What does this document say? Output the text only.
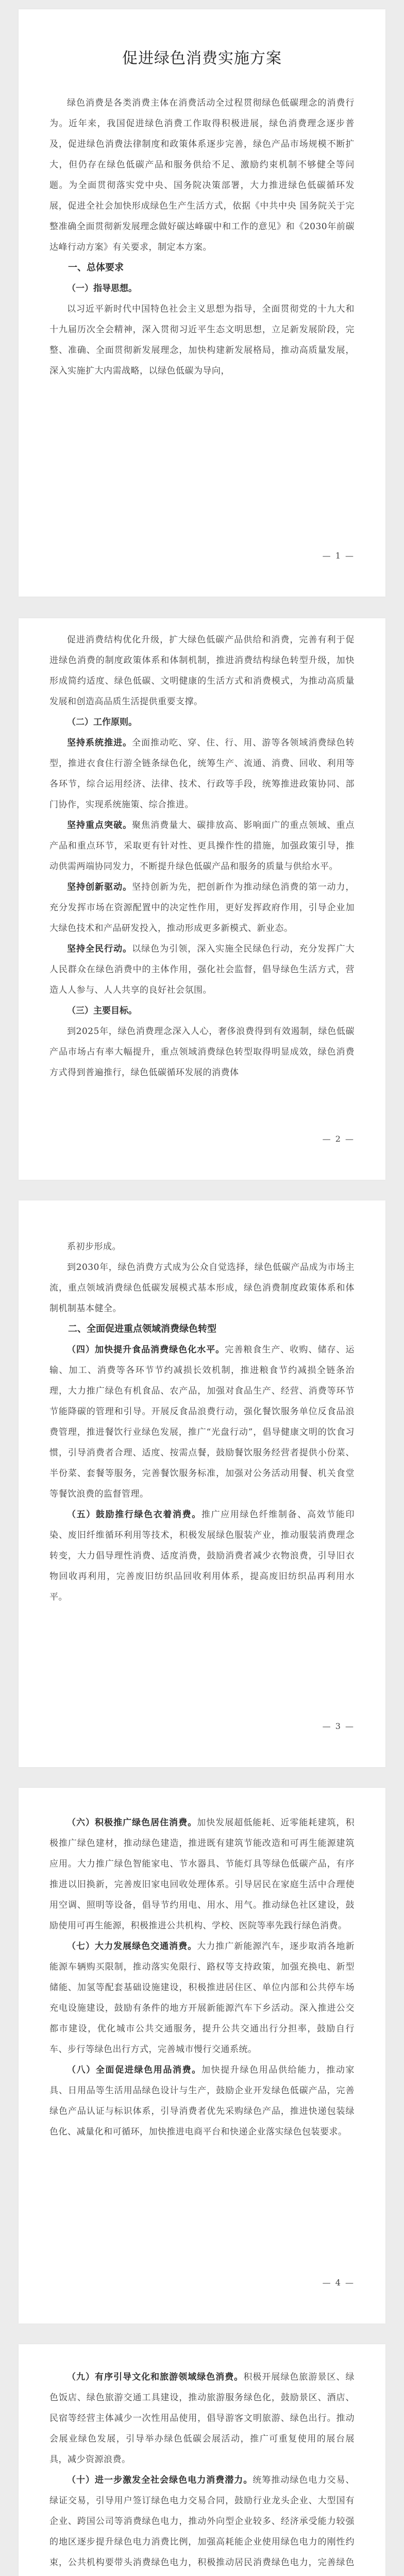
促进绿色消费实施方案

绿色消费是各类消费主体在消费活动全过程贯彻绿色低碳理念的消费行为。近年来，我国促进绿色消费工作取得积极进展，绿色消费理念逐步普及，促进绿色消费法律制度和政策体系逐步完善，绿色产品市场规模不断扩大，但仍存在绿色低碳产品和服务供给不足、激励约束机制不够健全等问题。为全面贯彻落实党中央、国务院决策部署，大力推进绿色低碳循环发展，促进全社会加快形成绿色生产生活方式，依据《中共中央 国务院关于完整准确全面贯彻新发展理念做好碳达峰碳中和工作的意见》和《2030年前碳达峰行动方案》有关要求，制定本方案。

一、总体要求

（一）指导思想。

以习近平新时代中国特色社会主义思想为指导，全面贯彻党的十九大和十九届历次全会精神，深入贯彻习近平生态文明思想，立足新发展阶段，完整、准确、全面贯彻新发展理念，加快构建新发展格局，推动高质量发展，深入实施扩大内需战略，以绿色低碳为导向，

— 1 —

促进消费结构优化升级，扩大绿色低碳产品供给和消费，完善有利于促进绿色消费的制度政策体系和体制机制，推进消费结构绿色转型升级，加快形成简约适度、绿色低碳、文明健康的生活方式和消费模式，为推动高质量发展和创造高品质生活提供重要支撑。

（二）工作原则。

坚持系统推进。全面推动吃、穿、住、行、用、游等各领域消费绿色转型，推进衣食住行游全链条绿色化，统筹生产、流通、消费、回收、利用等各环节，综合运用经济、法律、技术、行政等手段，统筹推进政策协同、部门协作，实现系统施策、综合推进。

坚持重点突破。聚焦消费量大、碳排放高、影响面广的重点领域、重点产品和重点环节，采取更有针对性、更具操作性的措施，加强政策引导，推动供需两端协同发力，不断提升绿色低碳产品和服务的质量与供给水平。

坚持创新驱动。坚持创新为先，把创新作为推动绿色消费的第一动力，充分发挥市场在资源配置中的决定性作用，更好发挥政府作用，引导企业加大绿色技术和产品研发投入，推动形成更多新模式、新业态。

坚持全民行动。以绿色为引领，深入实施全民绿色行动，充分发挥广大人民群众在绿色消费中的主体作用，强化社会监督，倡导绿色生活方式，营造人人参与、人人共享的良好社会氛围。

（三）主要目标。

到2025年，绿色消费理念深入人心，奢侈浪费得到有效遏制，绿色低碳产品市场占有率大幅提升，重点领域消费绿色转型取得明显成效，绿色消费方式得到普遍推行，绿色低碳循环发展的消费体

— 2 —

系初步形成。

到2030年，绿色消费方式成为公众自觉选择，绿色低碳产品成为市场主流，重点领域消费绿色低碳发展模式基本形成，绿色消费制度政策体系和体制机制基本健全。

二、全面促进重点领域消费绿色转型

（四）加快提升食品消费绿色化水平。完善粮食生产、收购、储存、运输、加工、消费等各环节节约减损长效机制，推进粮食节约减损全链条治理，大力推广绿色有机食品、农产品，加强对食品生产、经营、消费等环节节能降碳的管理和引导。开展反食品浪费行动，强化餐饮服务单位反食品浪费管理，推进餐饮行业绿色发展，推广“光盘行动”，倡导健康文明的饮食习惯，引导消费者合理、适度、按需点餐，鼓励餐饮服务经营者提供小份菜、半份菜、套餐等服务，完善餐饮服务标准，加强对公务活动用餐、机关食堂等餐饮浪费的监督管理。

（五）鼓励推行绿色衣着消费。推广应用绿色纤维制备、高效节能印染、废旧纤维循环利用等技术，积极发展绿色服装产业，推动服装消费理念转变，大力倡导理性消费、适度消费，鼓励消费者减少衣物浪费，引导旧衣物回收再利用，完善废旧纺织品回收利用体系，提高废旧纺织品再利用水平。

— 3 —

（六）积极推广绿色居住消费。加快发展超低能耗、近零能耗建筑，积极推广绿色建材，推动绿色建造，推进既有建筑节能改造和可再生能源建筑应用。大力推广绿色智能家电、节水器具、节能灯具等绿色低碳产品，有序推进以旧换新，完善废旧家电回收处理体系。引导居民在家庭生活中合理使用空调、照明等设备，倡导节约用电、用水、用气。推动绿色社区建设，鼓励使用可再生能源，积极推进公共机构、学校、医院等率先践行绿色消费。

（七）大力发展绿色交通消费。大力推广新能源汽车，逐步取消各地新能源车辆购买限制，推动落实免限行、路权等支持政策，加强充换电、新型储能、加氢等配套基础设施建设，积极推进居住区、单位内部和公共停车场充电设施建设，鼓励有条件的地方开展新能源汽车下乡活动。深入推进公交都市建设，优化城市公共交通服务，提升公共交通出行分担率，鼓励自行车、步行等绿色出行方式，完善城市慢行交通系统。

（八）全面促进绿色用品消费。加快提升绿色用品供给能力，推动家具、日用品等生活用品绿色设计与生产，鼓励企业开发绿色低碳产品，完善绿色产品认证与标识体系，引导消费者优先采购绿色产品，推进快递包装绿色化、减量化和可循环，加快推进电商平台和快递企业落实绿色包装要求。

— 4 —

（九）有序引导文化和旅游领域绿色消费。积极开展绿色旅游景区、绿色饭店、绿色旅游交通工具建设，推动旅游服务绿色化，鼓励景区、酒店、民宿等经营主体减少一次性用品使用，倡导游客文明旅游、绿色出行。推动会展业绿色发展，引导举办绿色低碳会展活动，推广可重复使用的展台展具，减少资源浪费。

（十）进一步激发全社会绿色电力消费潜力。统筹推动绿色电力交易、绿证交易，引导用户签订绿色电力交易合同，鼓励行业龙头企业、大型国有企业、跨国公司等消费绿色电力，推动外向型企业较多、经济承受能力较强的地区逐步提升绿色电力消费比例，加强高耗能企业使用绿色电力的刚性约束，公共机构要带头消费绿色电力，积极推动居民消费绿色电力，完善绿色
